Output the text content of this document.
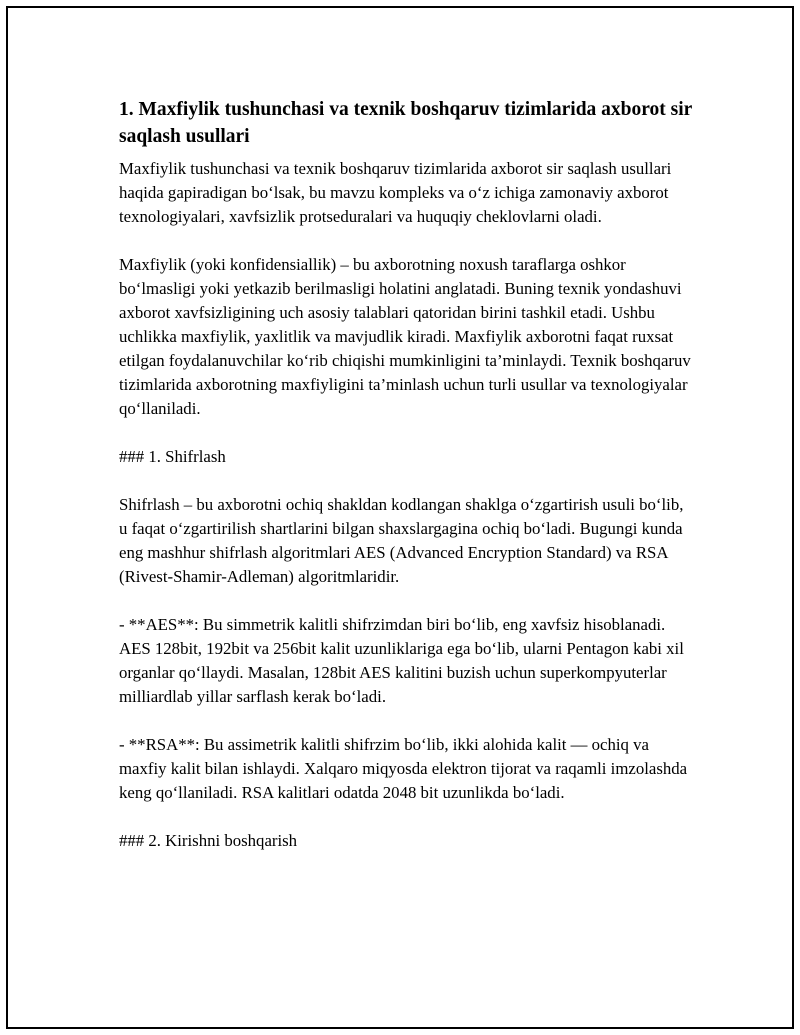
1. Maxfiylik tushunchasi va texnik boshqaruv tizimlarida axborot sir saqlash usullari

Maxfiylik tushunchasi va texnik boshqaruv tizimlarida axborot sir saqlash usullari haqida gapiradigan bo‘lsak, bu mavzu kompleks va o‘z ichiga zamonaviy axborot texnologiyalari, xavfsizlik protseduralari va huquqiy cheklovlarni oladi.

Maxfiylik (yoki konfidensiallik) – bu axborotning noxush taraflarga oshkor bo‘lmasligi yoki yetkazib berilmasligi holatini anglatadi. Buning texnik yondashuvi axborot xavfsizligining uch asosiy talablari qatoridan birini tashkil etadi. Ushbu uchlikka maxfiylik, yaxlitlik va mavjudlik kiradi. Maxfiylik axborotni faqat ruxsat etilgan foydalanuvchilar ko‘rib chiqishi mumkinligini ta’minlaydi. Texnik boshqaruv tizimlarida axborotning maxfiyligini ta’minlash uchun turli usullar va texnologiyalar qo‘llaniladi.

### 1. Shifrlash

Shifrlash – bu axborotni ochiq shakldan kodlangan shaklga o‘zgartirish usuli bo‘lib, u faqat o‘zgartirilish shartlarini bilgan shaxslargagina ochiq bo‘ladi. Bugungi kunda eng mashhur shifrlash algoritmlari AES (Advanced Encryption Standard) va RSA (Rivest-Shamir-Adleman) algoritmlaridir.

- **AES**: Bu simmetrik kalitli shifrzimdan biri bo‘lib, eng xavfsiz hisoblanadi. AES 128bit, 192bit va 256bit kalit uzunliklariga ega bo‘lib, ularni Pentagon kabi xil organlar qo‘llaydi. Masalan, 128bit AES kalitini buzish uchun superkompyuterlar milliardlab yillar sarflash kerak bo‘ladi.

- **RSA**: Bu assimetrik kalitli shifrzim bo‘lib, ikki alohida kalit — ochiq va maxfiy kalit bilan ishlaydi. Xalqaro miqyosda elektron tijorat va raqamli imzolashda keng qo‘llaniladi. RSA kalitlari odatda 2048 bit uzunlikda bo‘ladi.

### 2. Kirishni boshqarish
